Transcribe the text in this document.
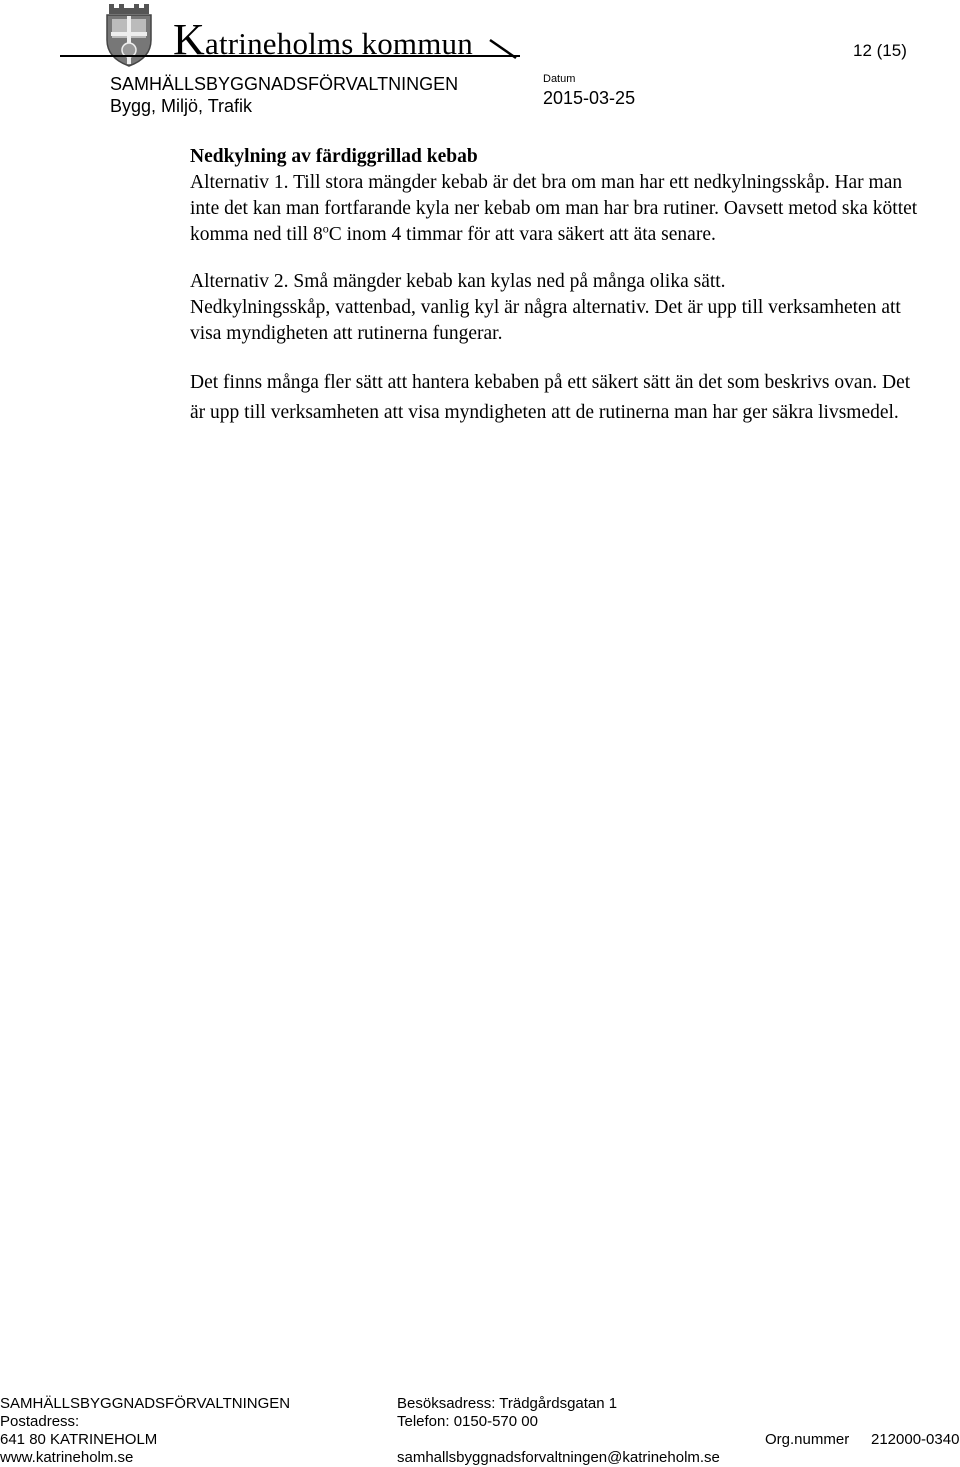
Katrineholms kommun	12 (15)
SAMHÄLLSBYGGNADSFÖRVALTNINGEN
Bygg, Miljö, Trafik
Datum
2015-03-25

Nedkylning av färdiggrillad kebab
Alternativ 1. Till stora mängder kebab är det bra om man har ett nedkylningsskåp. Har man inte det kan man fortfarande kyla ner kebab om man har bra rutiner. Oavsett metod ska köttet komma ned till 8$^o$C inom 4 timmar för att vara säkert att äta senare.

Alternativ 2. Små mängder kebab kan kylas ned på många olika sätt.
Nedkylningsskåp, vattenbad, vanlig kyl är några alternativ. Det är upp till verksamheten att visa myndigheten att rutinerna fungerar.

Det finns många fler sätt att hantera kebaben på ett säkert sätt än det som beskrivs ovan. Det är upp till verksamheten att visa myndigheten att de rutinerna man har ger säkra livsmedel.

SAMHÄLLSBYGGNADSFÖRVALTNINGEN
Postadress:
641 80 KATRINEHOLM
www.katrineholm.se
Besöksadress: Trädgårdsgatan 1
Telefon: 0150-570 00
samhallsbyggnadsforvaltningen@katrineholm.se
Org.nummer 212000-0340
